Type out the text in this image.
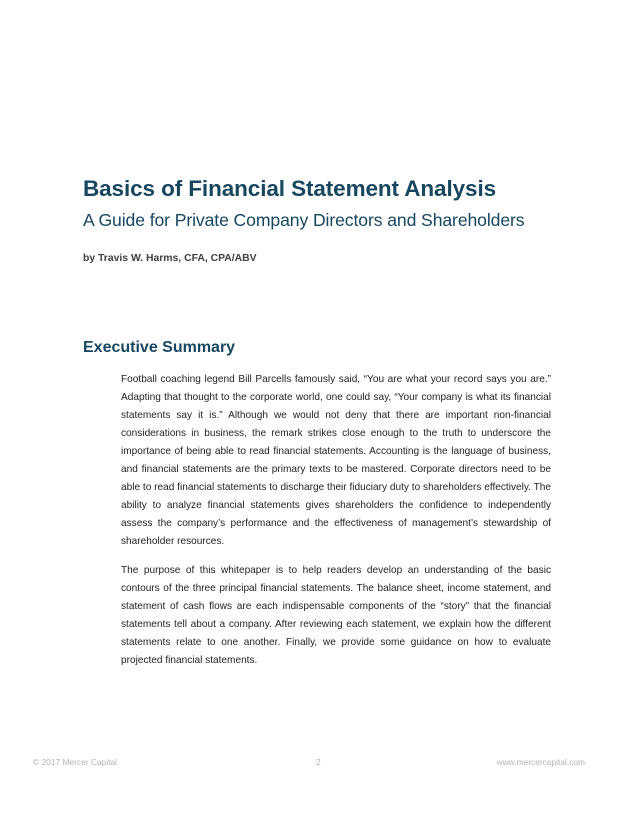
Basics of Financial Statement Analysis
A Guide for Private Company Directors and Shareholders

by Travis W. Harms, CFA, CPA/ABV

Executive Summary

Football coaching legend Bill Parcells famously said, “You are what your record says you are.” Adapting that thought to the corporate world, one could say, “Your company is what its financial statements say it is.” Although we would not deny that there are important non-financial considerations in business, the remark strikes close enough to the truth to underscore the importance of being able to read financial statements. Accounting is the language of business, and financial statements are the primary texts to be mastered. Corporate directors need to be able to read financial statements to discharge their fiduciary duty to shareholders effectively. The ability to analyze financial statements gives shareholders the confidence to independently assess the company’s performance and the effectiveness of management’s stewardship of shareholder resources.

The purpose of this whitepaper is to help readers develop an understanding of the basic contours of the three principal financial statements. The balance sheet, income statement, and statement of cash flows are each indispensable components of the “story” that the financial statements tell about a company. After reviewing each statement, we explain how the different statements relate to one another. Finally, we provide some guidance on how to evaluate projected financial statements.

© 2017 Mercer Capital	2	www.mercercapital.com
